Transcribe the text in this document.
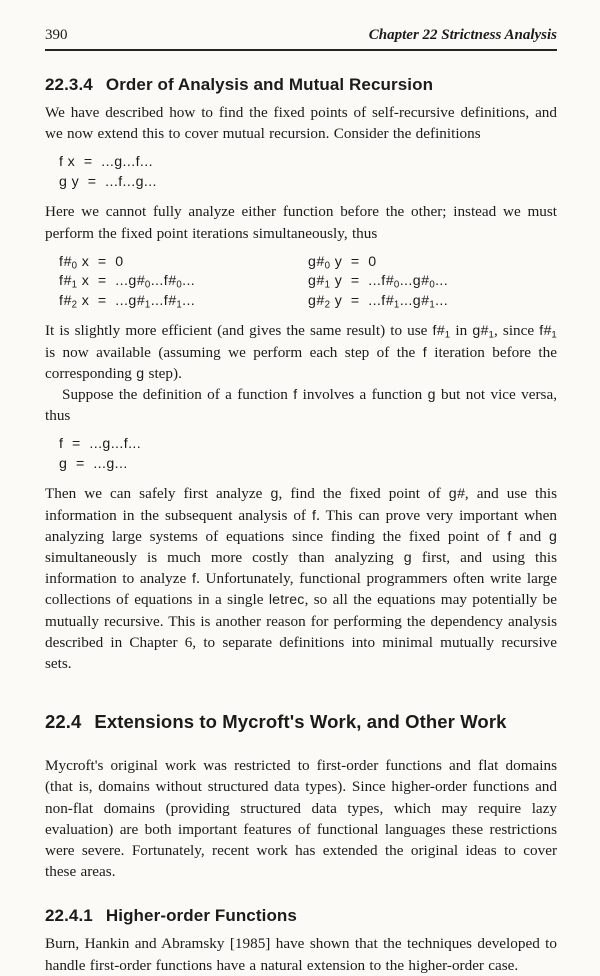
390	Chapter 22 Strictness Analysis
22.3.4 Order of Analysis and Mutual Recursion

We have described how to find the fixed points of self-recursive definitions, and we now extend this to cover mutual recursion. Consider the definitions

f x  =  ...g...f...
g y  =  ...f...g...

Here we cannot fully analyze either function before the other; instead we must perform the fixed point iterations simultaneously, thus

$f\#_0$ x  =  0
$f\#_1$ $x = ...g\#_0...f\#_0$...
$f\#_2$ $x = ...g\#_1...f\#_1$...
$g\#_0$ y  =  0
$g\#_1$ $y = ...f\#_0...g\#_0$...
$g\#_2$ $y = ...f\#_1...g\#_1$...

It is slightly more efficient (and gives the same result) to use $f\#_1$ in $g\#_1$, since $f\#_1$ is now available (assuming we perform each step of the f iteration before the corresponding g step).

Suppose the definition of a function f involves a function g but not vice versa, thus

f  =  ...g...f...
g  =  ...g...

Then we can safely first analyze g, find the fixed point of g#, and use this information in the subsequent analysis of f. This can prove very important when analyzing large systems of equations since finding the fixed point of f and g simultaneously is much more costly than analyzing g first, and using this information to analyze f. Unfortunately, functional programmers often write large collections of equations in a single letrec, so all the equations may potentially be mutually recursive. This is another reason for performing the dependency analysis described in Chapter 6, to separate definitions into minimal mutually recursive sets.

22.4 Extensions to Mycroft's Work, and Other Work

Mycroft's original work was restricted to first-order functions and flat domains (that is, domains without structured data types). Since higher-order functions and non-flat domains (providing structured data types, which may require lazy evaluation) are both important features of functional languages these restrictions were severe. Fortunately, recent work has extended the original ideas to cover these areas.

22.4.1 Higher-order Functions

Burn, Hankin and Abramsky [1985] have shown that the techniques developed to handle first-order functions have a natural extension to the higher-order case.
